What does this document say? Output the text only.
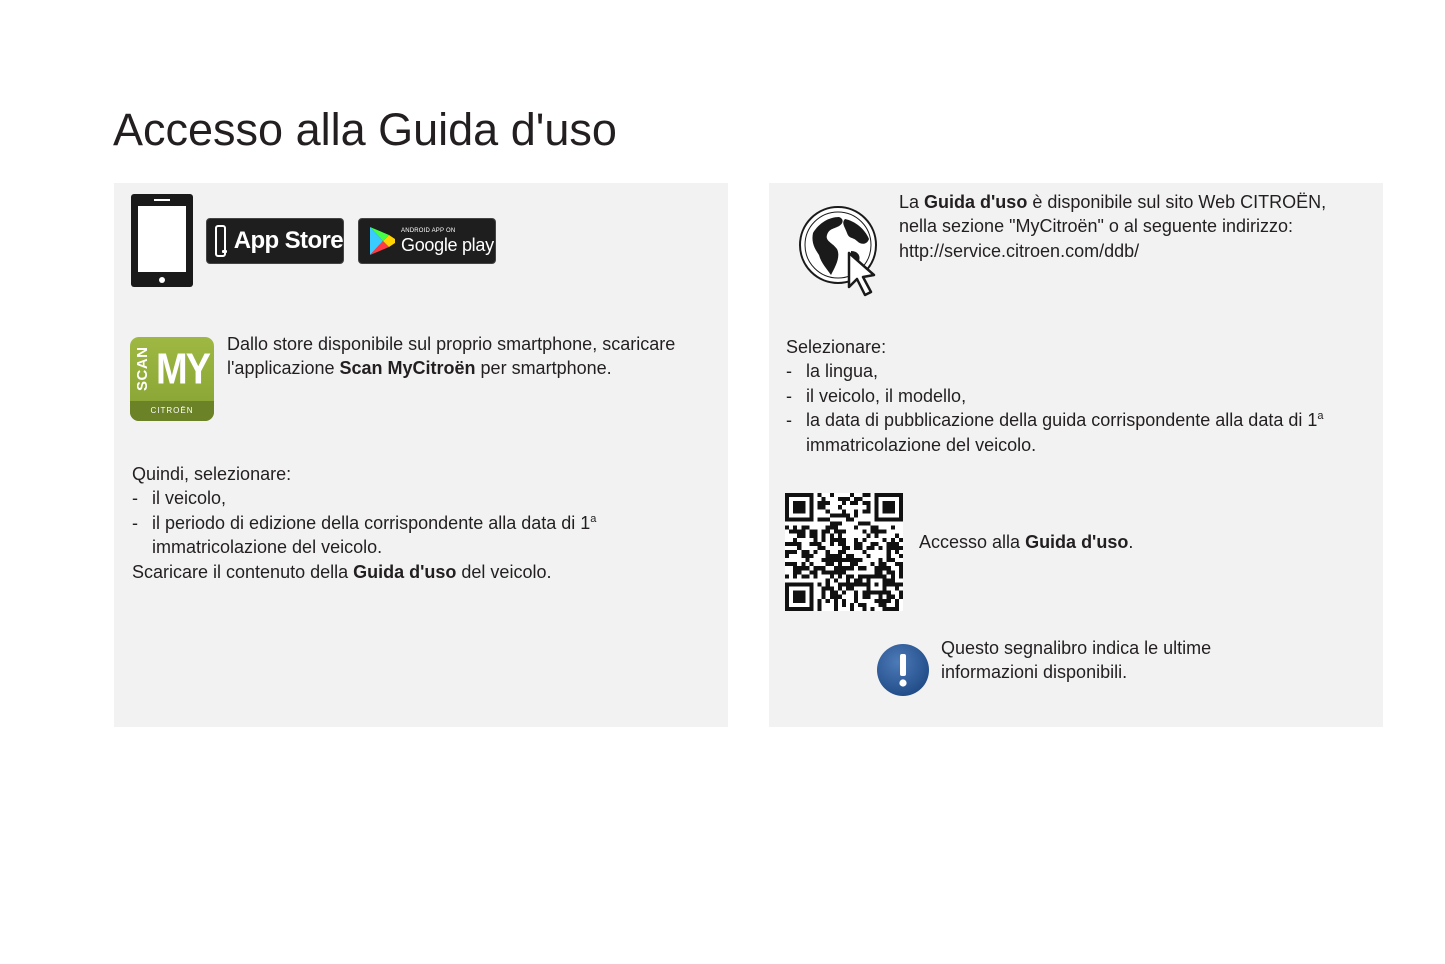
Accesso alla Guida d'uso
App Store	ANDROID APP ON
Google play
SCAN MY
CITROËN
Dallo store disponibile sul proprio smartphone, scaricare
l'applicazione Scan MyCitroën per smartphone.
Quindi, selezionare:
- il veicolo,
- il periodo di edizione della corrispondente alla data di 1$^a$
immatricolazione del veicolo.
Scaricare il contenuto della Guida d'uso del veicolo.
La Guida d'uso è disponibile sul sito Web CITROËN,
nella sezione "MyCitroën" o al seguente indirizzo:
http://service.citroen.com/ddb/
Selezionare:
- la lingua,
- il veicolo, il modello,
- la data di pubblicazione della guida corrispondente alla data di 1$^a$
immatricolazione del veicolo.
Accesso alla Guida d'uso.
Questo segnalibro indica le ultime
informazioni disponibili.
